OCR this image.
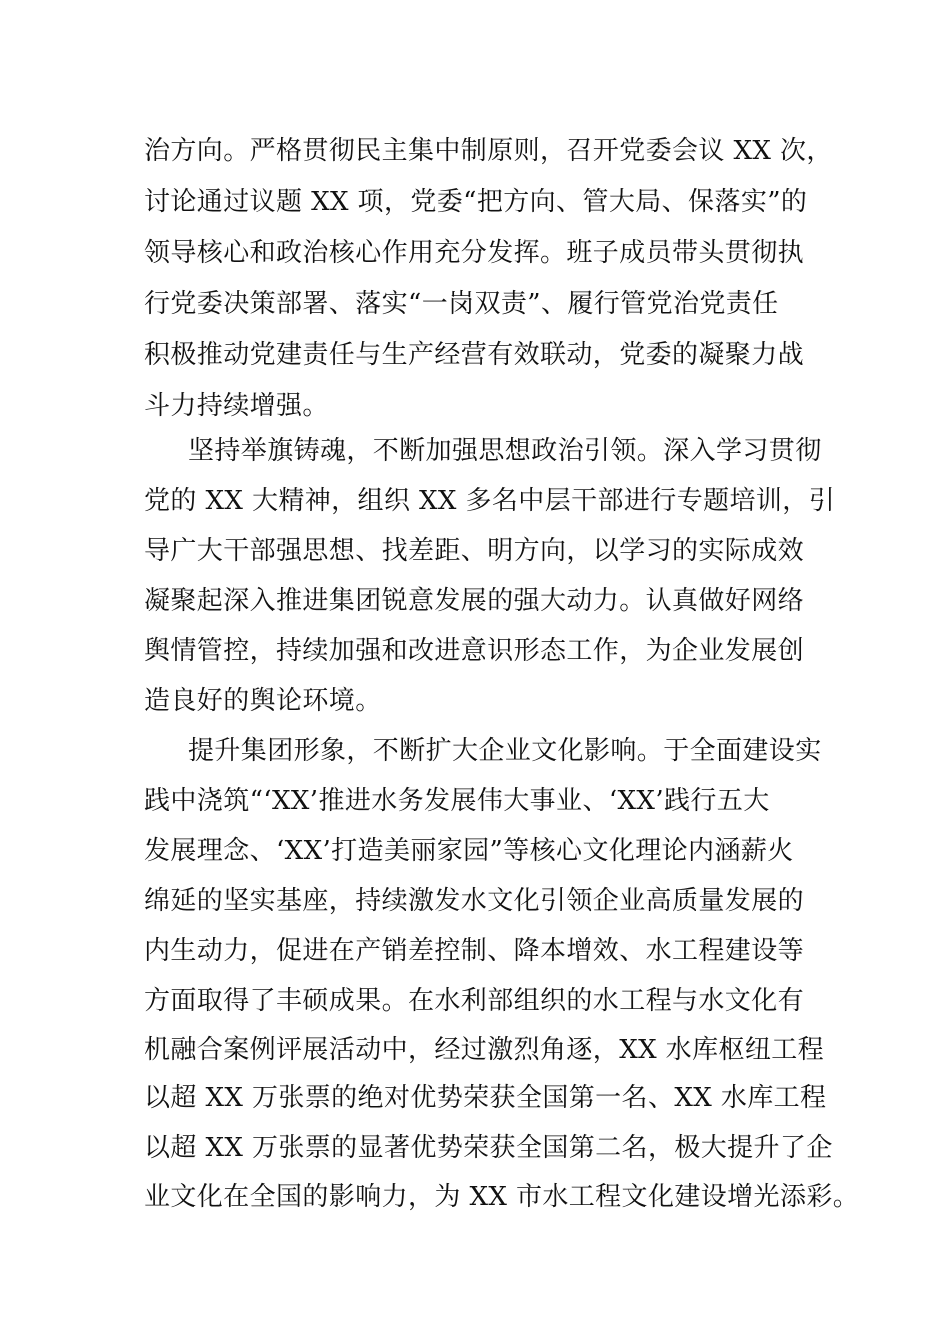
治方向。严格贯彻民主集中制原则，召开党委会议 XX 次，
讨论通过议题 XX 项，党委“把方向、管大局、保落实”的
领导核心和政治核心作用充分发挥。班子成员带头贯彻执
行党委决策部署、落实“一岗双责”、履行管党治党责任
积极推动党建责任与生产经营有效联动，党委的凝聚力战
斗力持续增强。
坚持举旗铸魂，不断加强思想政治引领。深入学习贯彻
党的 XX 大精神，组织 XX 多名中层干部进行专题培训，引
导广大干部强思想、找差距、明方向，以学习的实际成效
凝聚起深入推进集团锐意发展的强大动力。认真做好网络
舆情管控，持续加强和改进意识形态工作，为企业发展创
造良好的舆论环境。
提升集团形象，不断扩大企业文化影响。于全面建设实
践中浇筑“‘XX’推进水务发展伟大事业、‘XX’践行五大
发展理念、‘XX’打造美丽家园”等核心文化理论内涵薪火
绵延的坚实基座，持续激发水文化引领企业高质量发展的
内生动力，促进在产销差控制、降本增效、水工程建设等
方面取得了丰硕成果。在水利部组织的水工程与水文化有
机融合案例评展活动中，经过激烈角逐，XX 水库枢纽工程
以超 XX 万张票的绝对优势荣获全国第一名、XX 水库工程
以超 XX 万张票的显著优势荣获全国第二名，极大提升了企
业文化在全国的影响力，为 XX 市水工程文化建设增光添彩。
